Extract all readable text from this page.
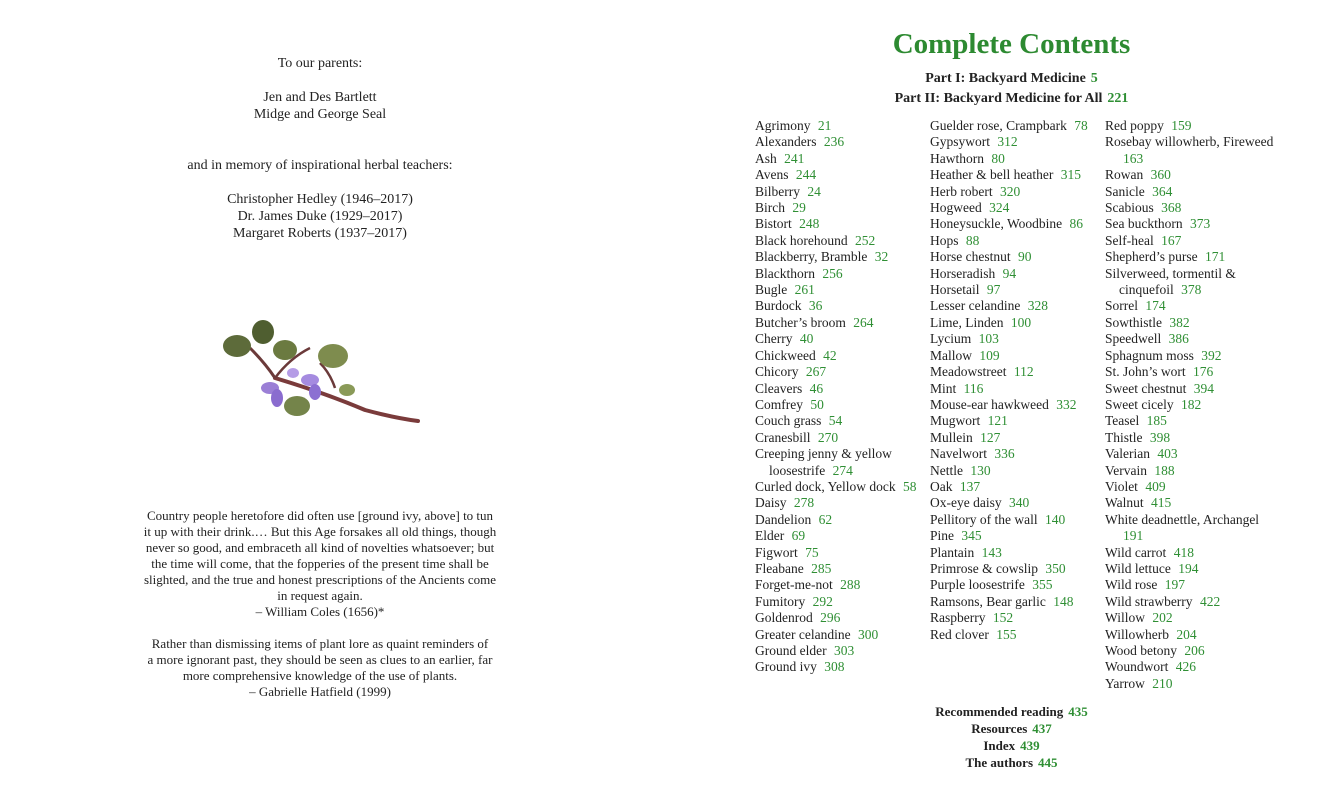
To our parents:

Jen and Des Bartlett

Midge and George Seal

and in memory of inspirational herbal teachers:

Christopher Hedley (1946–2017)

Dr. James Duke (1929–2017)

Margaret Roberts (1937–2017)

Country people heretofore did often use [ground ivy, above] to tun

it up with their drink.… But this Age forsakes all old things, though

never so good, and embraceth all kind of novelties whatsoever; but

the time will come, that the fopperies of the present time shall be

slighted, and the true and honest prescriptions of the Ancients come

in request again.

– William Coles (1656)*

Rather than dismissing items of plant lore as quaint reminders of

a more ignorant past, they should be seen as clues to an earlier, far

more comprehensive knowledge of the use of plants.

– Gabrielle Hatfield (1999)

Complete Contents
Part I: Backyard Medicine 5
Part II: Backyard Medicine for All 221
Agrimony 21
Alexanders 236
Ash 241
Avens 244
Bilberry 24
Birch 29
Bistort 248
Black horehound 252
Blackberry, Bramble 32
Blackthorn 256
Bugle 261
Burdock 36
Butcher’s broom 264
Cherry 40
Chickweed 42
Chicory 267
Cleavers 46
Comfrey 50
Couch grass 54
Cranesbill 270
Creeping jenny & yellow loosestrife 274
Curled dock, Yellow dock 58
Daisy 278
Dandelion 62
Elder 69
Figwort 75
Fleabane 285
Forget-me-not 288
Fumitory 292
Goldenrod 296
Greater celandine 300
Ground elder 303
Ground ivy 308
Guelder rose, Crampbark 78
Gypsywort 312
Hawthorn 80
Heather & bell heather 315
Herb robert 320
Hogweed 324
Honeysuckle, Woodbine 86
Hops 88
Horse chestnut 90
Horseradish 94
Horsetail 97
Lesser celandine 328
Lime, Linden 100
Lycium 103
Mallow 109
Meadowstreet 112
Mint 116
Mouse-ear hawkweed 332
Mugwort 121
Mullein 127
Navelwort 336
Nettle 130
Oak 137
Ox-eye daisy 340
Pellitory of the wall 140
Pine 345
Plantain 143
Primrose & cowslip 350
Purple loosestrife 355
Ramsons, Bear garlic 148
Raspberry 152
Red clover 155
Red poppy 159
Rosebay willowherb, Fireweed 163
Rowan 360
Sanicle 364
Scabious 368
Sea buckthorn 373
Self-heal 167
Shepherd’s purse 171
Silverweed, tormentil & cinquefoil 378
Sorrel 174
Sowthistle 382
Speedwell 386
Sphagnum moss 392
St. John’s wort 176
Sweet chestnut 394
Sweet cicely 182
Teasel 185
Thistle 398
Valerian 403
Vervain 188
Violet 409
Walnut 415
White deadnettle, Archangel 191
Wild carrot 418
Wild lettuce 194
Wild rose 197
Wild strawberry 422
Willow 202
Willowherb 204
Wood betony 206
Woundwort 426
Yarrow 210
Recommended reading 435
Resources 437
Index 439
The authors 445
